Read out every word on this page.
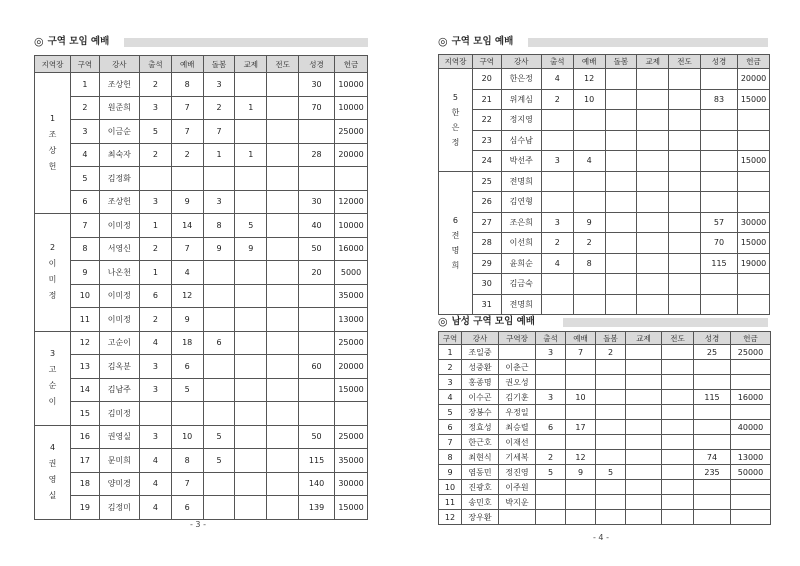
◎ 구역 모임 예배
지역장	구역	강사	출석	예배	돌봄	교제	전도	성경	헌금

1
조
상
헌	1	조상헌	2	8	3			30	10000
	2	원준희	3	7	2	1		70	10000
	3	이금순	5	7	7				25000
	4	최숙자	2	2	1	1		28	20000
	5	김정화							
	6	조상헌	3	9	3			30	12000

2
이
미
정	7	이미정	1	14	8	5		40	10000
	8	서영신	2	7	9	9		50	16000
	9	나온천	1	4				20	5000
	10	이미정	6	12					35000
	11	이미정	2	9					13000

3
고
순
이	12	고순이	4	18	6				25000
	13	김옥분	3	6				60	20000
	14	김남주	3	5					15000
	15	김미정							

4
권
영
실	16	권영실	3	10	5			50	25000
	17	문미희	4	8	5			115	35000
	18	양미경	4	7				140	30000
	19	김정미	4	6				139	15000
- 3 -
◎ 구역 모임 예배
지역장	구역	강사	출석	예배	돌봄	교제	전도	성경	헌금

5
한
은
정	20	한은정	4	12					20000
	21	위계심	2	10				83	15000
	22	정지영							
	23	심수남							
	24	박선주	3	4					15000

6
전
명
희	25	전명희							
	26	김연형							
	27	조은희	3	9				57	30000
	28	이선희	2	2				70	15000
	29	윤희순	4	8				115	19000
	30	김금숙							
	31	전명희							
◎ 남성 구역 모임 예배
구역	강사	구역장	출석	예배	돌봄	교제	전도	성경	헌금
1	조일중		3	7	2			25	25000
2	성중환	이춘근							
3	홍종명	권오성							
4	이수곤	김기훈	3	10				115	16000
5	장봉수	우정일							
6	정효성	최승렬	6	17					40000
7	한근호	이재선							
8	최현식	기세복	2	12				74	13000
9	염동민	정진영	5	9	5			235	50000
10	진광호	이주원							
11	송민호	박지운							
12	장우환								
- 4 -
